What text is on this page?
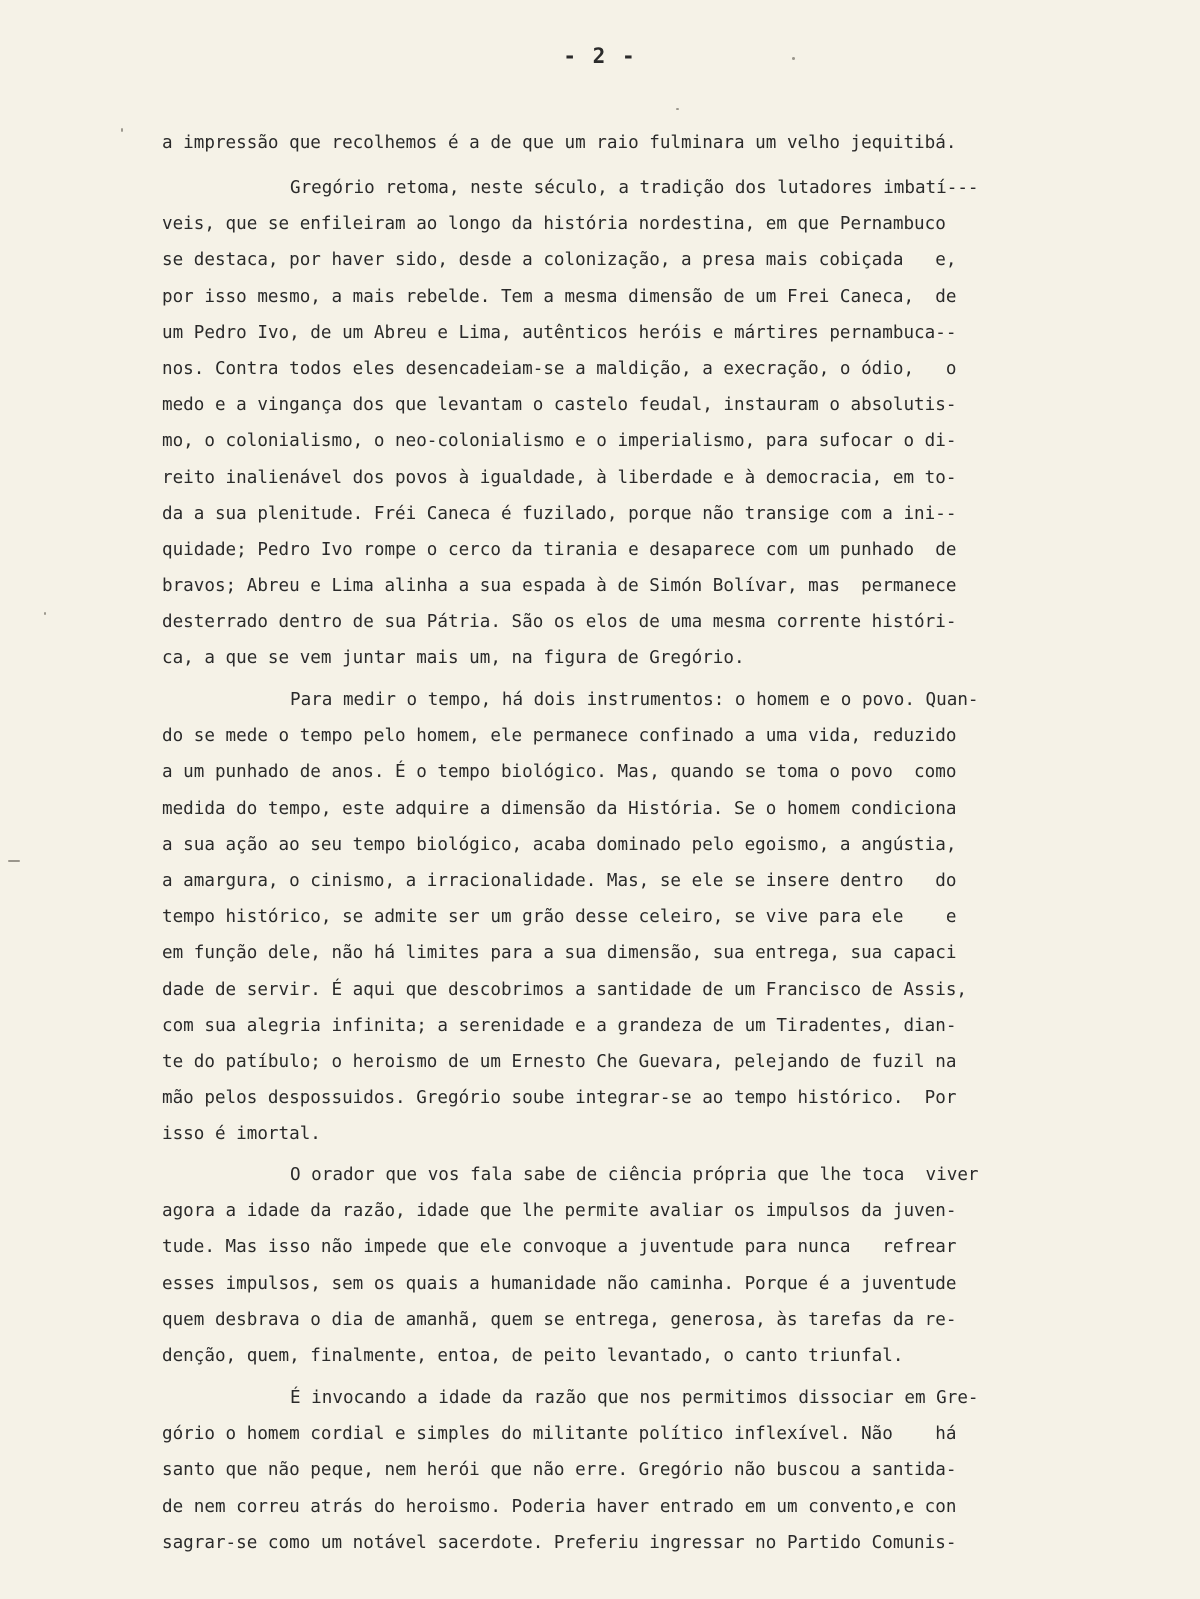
- 2 -
a impressão que recolhemos é a de que um raio fulminara um velho jequitibá.
Gregório retoma, neste século, a tradição dos lutadores imbatí---
veis, que se enfileiram ao longo da história nordestina, em que Pernambuco
se destaca, por haver sido, desde a colonização, a presa mais cobiçada   e,
por isso mesmo, a mais rebelde. Tem a mesma dimensão de um Frei Caneca,  de
um Pedro Ivo, de um Abreu e Lima, autênticos heróis e mártires pernambuca--
nos. Contra todos eles desencadeiam-se a maldição, a execração, o ódio,   o
medo e a vingança dos que levantam o castelo feudal, instauram o absolutis-
mo, o colonialismo, o neo-colonialismo e o imperialismo, para sufocar o di-
reito inalienável dos povos à igualdade, à liberdade e à democracia, em to-
da a sua plenitude. Fréi Caneca é fuzilado, porque não transige com a ini--
quidade; Pedro Ivo rompe o cerco da tirania e desaparece com um punhado  de
bravos; Abreu e Lima alinha a sua espada à de Simón Bolívar, mas  permanece
desterrado dentro de sua Pátria. São os elos de uma mesma corrente históri-
ca, a que se vem juntar mais um, na figura de Gregório.
Para medir o tempo, há dois instrumentos: o homem e o povo. Quan-
do se mede o tempo pelo homem, ele permanece confinado a uma vida, reduzido
a um punhado de anos. É o tempo biológico. Mas, quando se toma o povo  como
medida do tempo, este adquire a dimensão da História. Se o homem condiciona
a sua ação ao seu tempo biológico, acaba dominado pelo egoismo, a angústia,
a amargura, o cinismo, a irracionalidade. Mas, se ele se insere dentro   do
tempo histórico, se admite ser um grão desse celeiro, se vive para ele    e
em função dele, não há limites para a sua dimensão, sua entrega, sua capaci
dade de servir. É aqui que descobrimos a santidade de um Francisco de Assis,
com sua alegria infinita; a serenidade e a grandeza de um Tiradentes, dian-
te do patíbulo; o heroismo de um Ernesto Che Guevara, pelejando de fuzil na
mão pelos despossuidos. Gregório soube integrar-se ao tempo histórico.  Por
isso é imortal.
O orador que vos fala sabe de ciência própria que lhe toca  viver
agora a idade da razão, idade que lhe permite avaliar os impulsos da juven-
tude. Mas isso não impede que ele convoque a juventude para nunca   refrear
esses impulsos, sem os quais a humanidade não caminha. Porque é a juventude
quem desbrava o dia de amanhã, quem se entrega, generosa, às tarefas da re-
denção, quem, finalmente, entoa, de peito levantado, o canto triunfal.
É invocando a idade da razão que nos permitimos dissociar em Gre-
gório o homem cordial e simples do militante político inflexível. Não    há
santo que não peque, nem herói que não erre. Gregório não buscou a santida-
de nem correu atrás do heroismo. Poderia haver entrado em um convento,e con
sagrar-se como um notável sacerdote. Preferiu ingressar no Partido Comunis-
